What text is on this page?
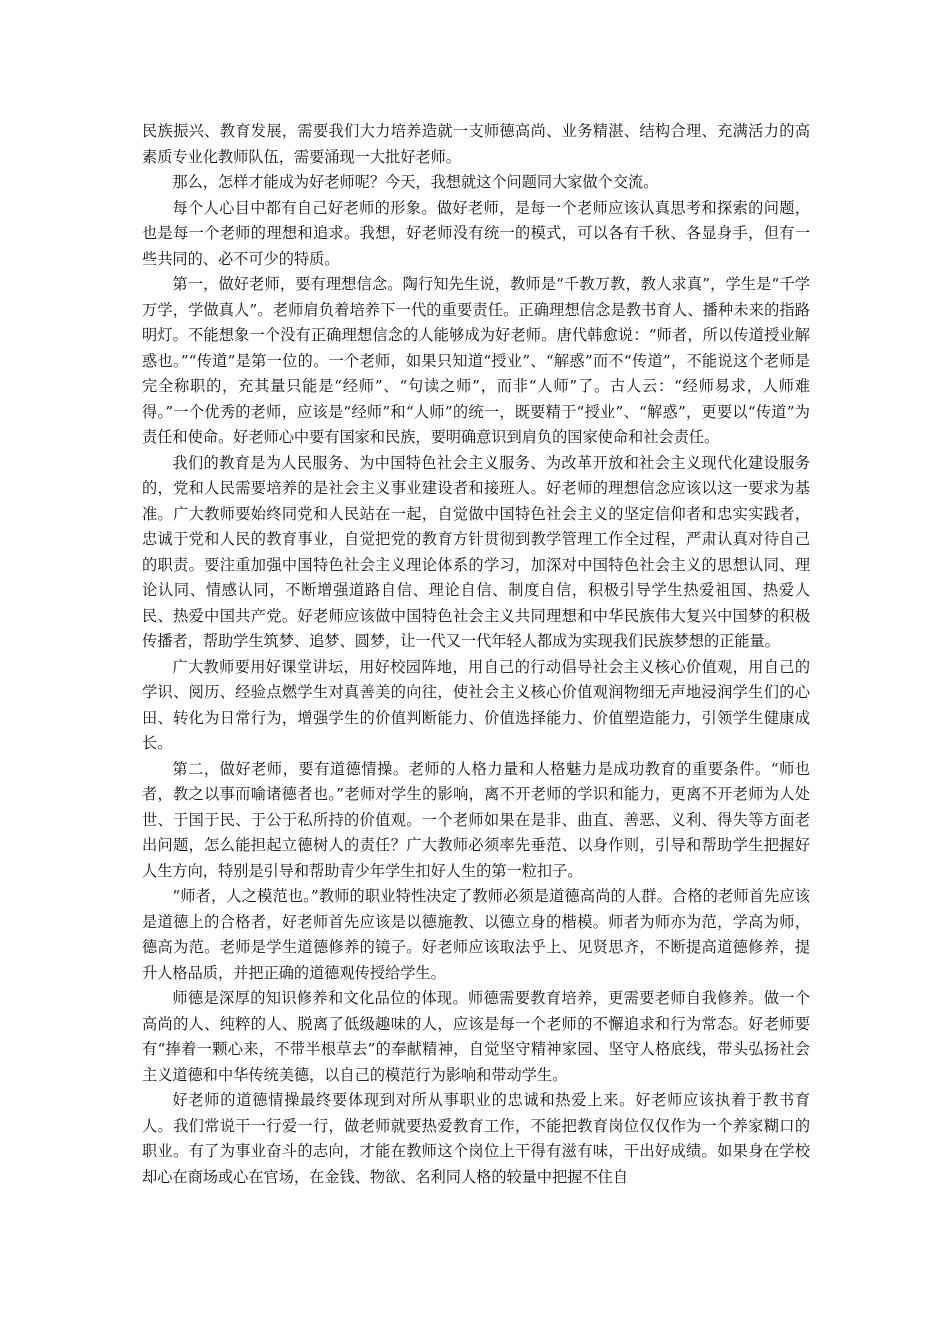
民族振兴、教育发展，需要我们大力培养造就一支师德高尚、业务精湛、结构合理、充满活力的高素质专业化教师队伍，需要涌现一大批好老师。

那么，怎样才能成为好老师呢？今天，我想就这个问题同大家做个交流。

每个人心目中都有自己好老师的形象。做好老师，是每一个老师应该认真思考和探索的问题，也是每一个老师的理想和追求。我想，好老师没有统一的模式，可以各有千秋、各显身手，但有一些共同的、必不可少的特质。

第一，做好老师，要有理想信念。陶行知先生说，教师是“千教万教，教人求真”，学生是“千学万学，学做真人”。老师肩负着培养下一代的重要责任。正确理想信念是教书育人、播种未来的指路明灯。不能想象一个没有正确理想信念的人能够成为好老师。唐代韩愈说：“师者，所以传道授业解惑也。”“传道”是第一位的。一个老师，如果只知道“授业”、“解惑”而不“传道”，不能说这个老师是完全称职的，充其量只能是“经师”、“句读之师”，而非“人师”了。古人云：“经师易求，人师难得。”一个优秀的老师，应该是“经师”和“人师”的统一，既要精于“授业”、“解惑”，更要以“传道”为责任和使命。好老师心中要有国家和民族，要明确意识到肩负的国家使命和社会责任。

我们的教育是为人民服务、为中国特色社会主义服务、为改革开放和社会主义现代化建设服务的，党和人民需要培养的是社会主义事业建设者和接班人。好老师的理想信念应该以这一要求为基准。广大教师要始终同党和人民站在一起，自觉做中国特色社会主义的坚定信仰者和忠实实践者，忠诚于党和人民的教育事业，自觉把党的教育方针贯彻到教学管理工作全过程，严肃认真对待自己的职责。要注重加强中国特色社会主义理论体系的学习，加深对中国特色社会主义的思想认同、理论认同、情感认同，不断增强道路自信、理论自信、制度自信，积极引导学生热爱祖国、热爱人民、热爱中国共产党。好老师应该做中国特色社会主义共同理想和中华民族伟大复兴中国梦的积极传播者，帮助学生筑梦、追梦、圆梦，让一代又一代年轻人都成为实现我们民族梦想的正能量。

广大教师要用好课堂讲坛，用好校园阵地，用自己的行动倡导社会主义核心价值观，用自己的学识、阅历、经验点燃学生对真善美的向往，使社会主义核心价值观润物细无声地浸润学生们的心田、转化为日常行为，增强学生的价值判断能力、价值选择能力、价值塑造能力，引领学生健康成长。

第二，做好老师，要有道德情操。老师的人格力量和人格魅力是成功教育的重要条件。“师也者，教之以事而喻诸德者也。”老师对学生的影响，离不开老师的学识和能力，更离不开老师为人处世、于国于民、于公于私所持的价值观。一个老师如果在是非、曲直、善恶、义利、得失等方面老出问题，怎么能担起立德树人的责任？广大教师必须率先垂范、以身作则，引导和帮助学生把握好人生方向，特别是引导和帮助青少年学生扣好人生的第一粒扣子。

“师者，人之模范也。”教师的职业特性决定了教师必须是道德高尚的人群。合格的老师首先应该是道德上的合格者，好老师首先应该是以德施教、以德立身的楷模。师者为师亦为范，学高为师，德高为范。老师是学生道德修养的镜子。好老师应该取法乎上、见贤思齐，不断提高道德修养，提升人格品质，并把正确的道德观传授给学生。

师德是深厚的知识修养和文化品位的体现。师德需要教育培养，更需要老师自我修养。做一个高尚的人、纯粹的人、脱离了低级趣味的人，应该是每一个老师的不懈追求和行为常态。好老师要有“捧着一颗心来，不带半根草去”的奉献精神，自觉坚守精神家园、坚守人格底线，带头弘扬社会主义道德和中华传统美德，以自己的模范行为影响和带动学生。

好老师的道德情操最终要体现到对所从事职业的忠诚和热爱上来。好老师应该执着于教书育人。我们常说干一行爱一行，做老师就要热爱教育工作，不能把教育岗位仅仅作为一个养家糊口的职业。有了为事业奋斗的志向，才能在教师这个岗位上干得有滋有味，干出好成绩。如果身在学校却心在商场或心在官场，在金钱、物欲、名利同人格的较量中把握不住自
